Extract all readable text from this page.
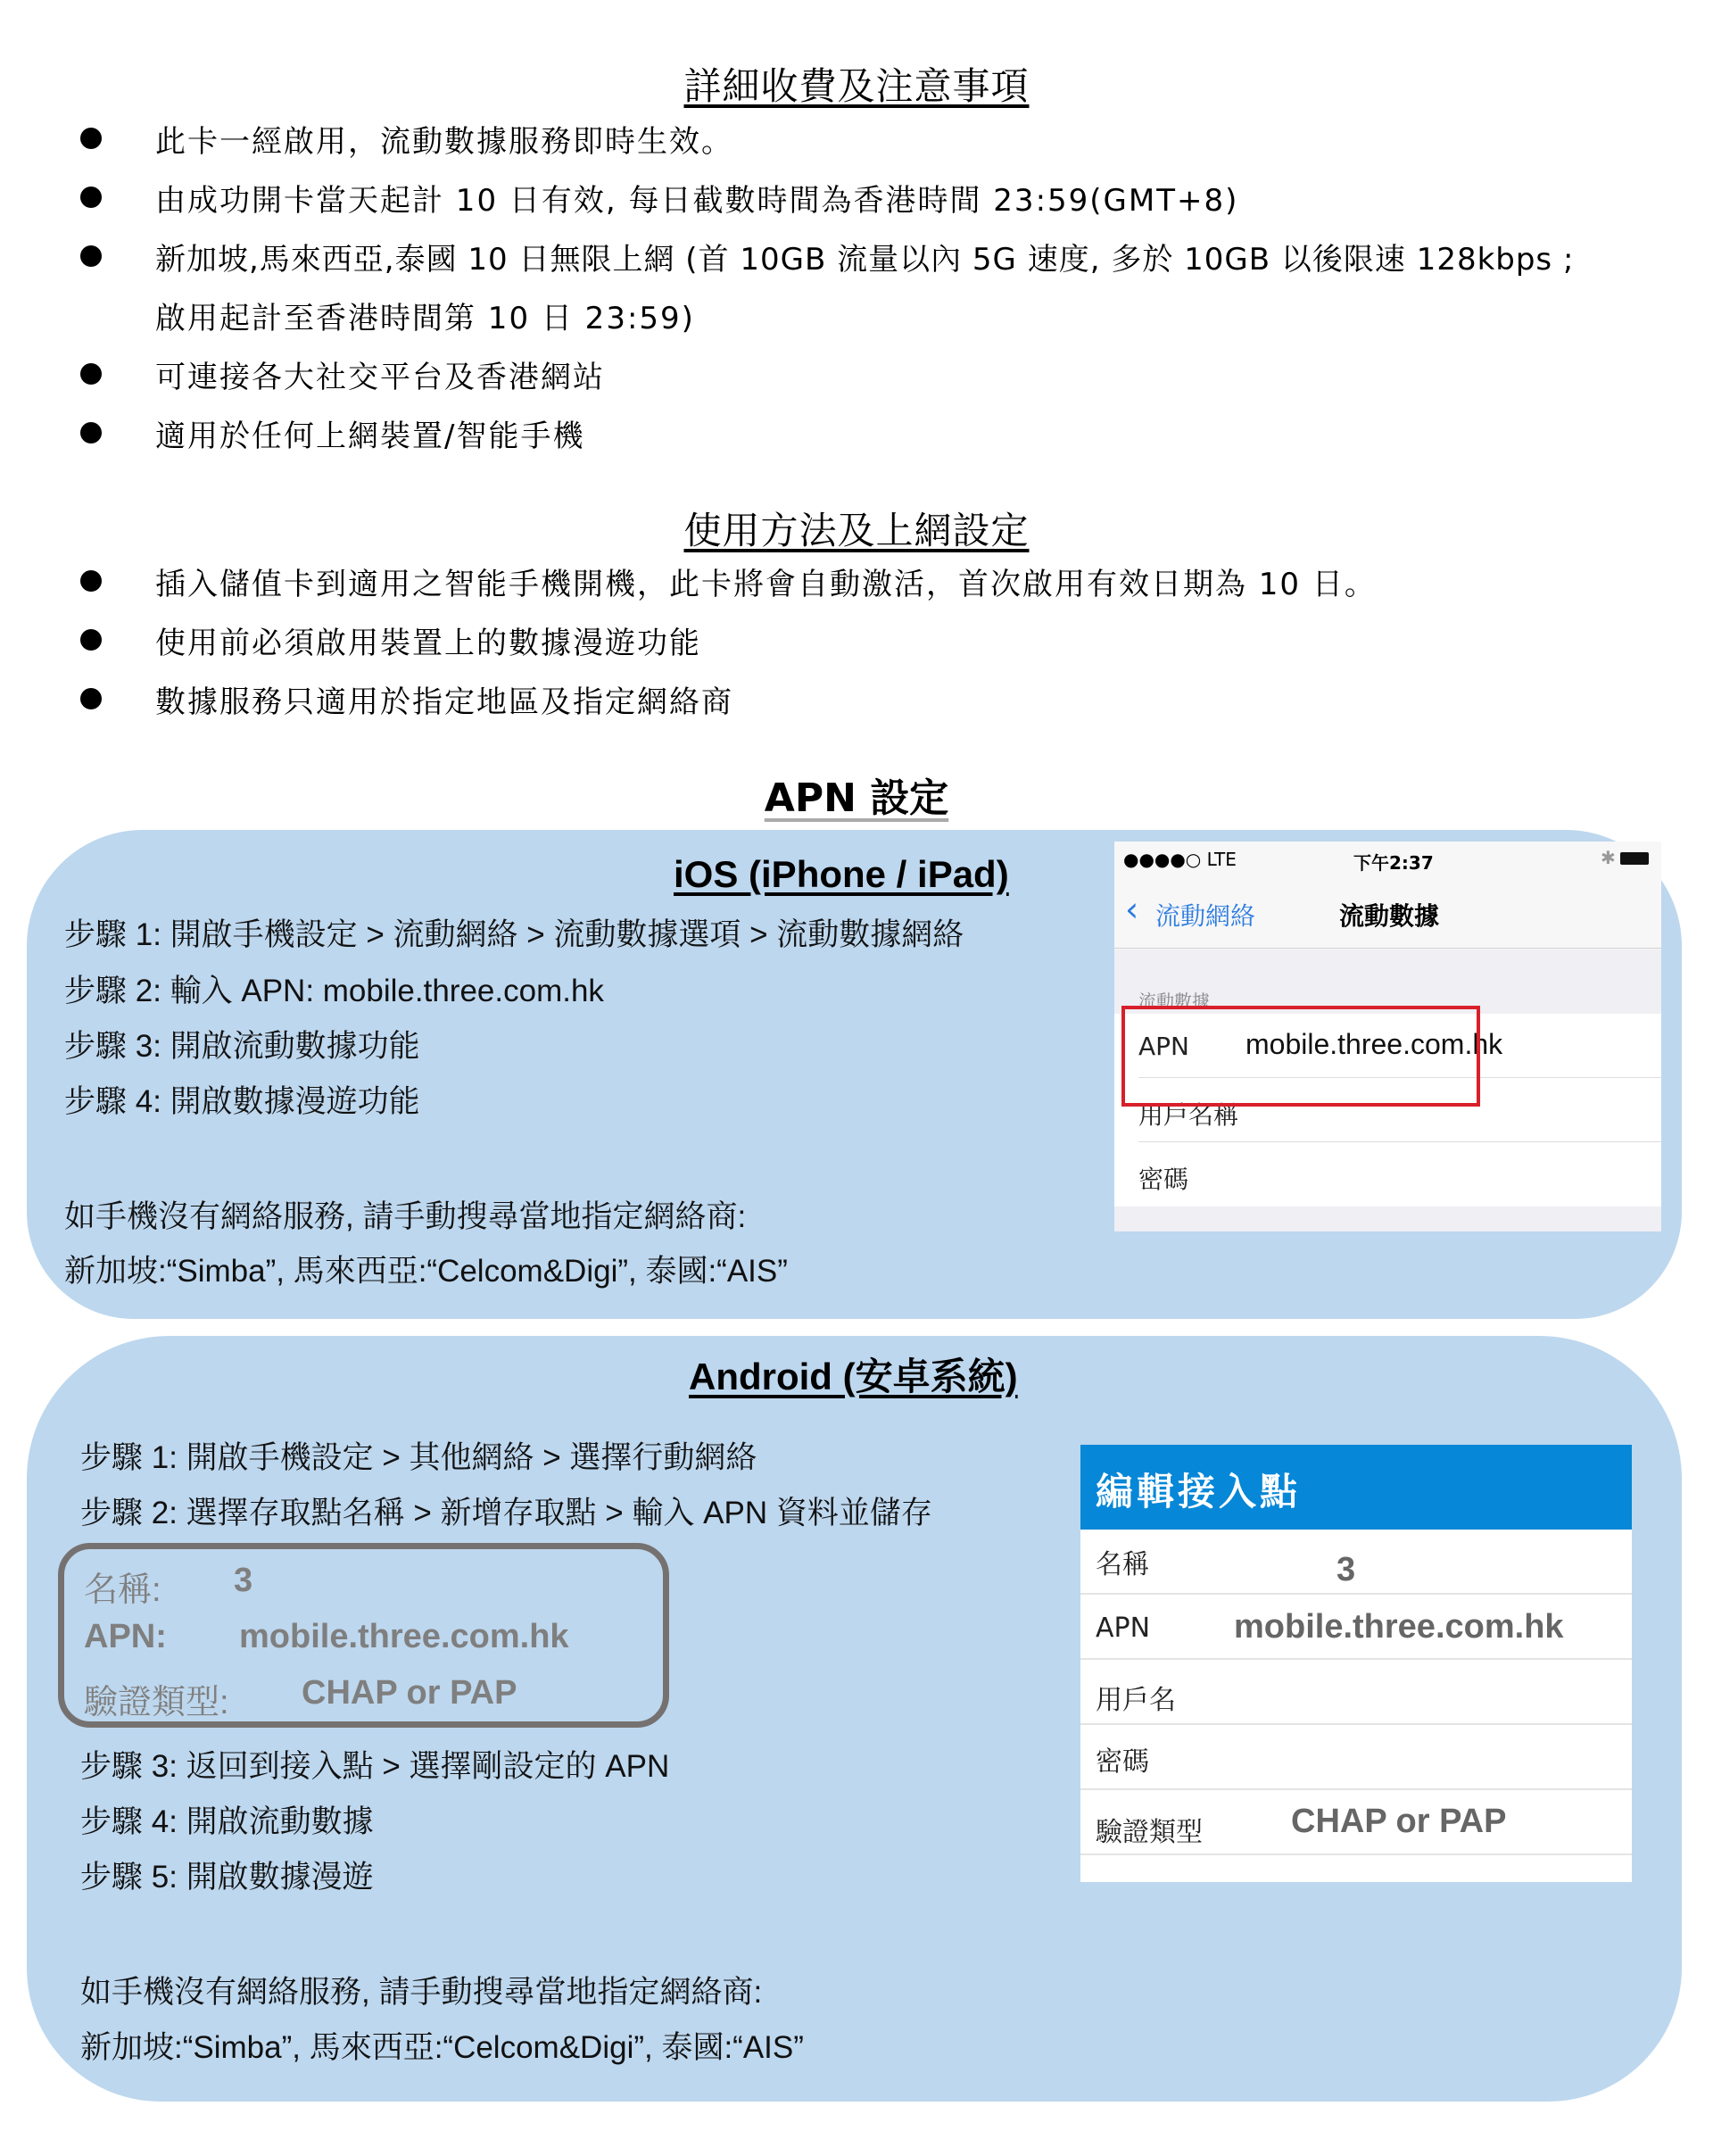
詳細收費及注意事項
此卡一經啟用，流動數據服務即時生效。
由成功開卡當天起計 10 日有效, 每日截數時間為香港時間 23:59(GMT+8)
新加坡,馬來西亞,泰國 10 日無限上網 (首 10GB 流量以內 5G 速度, 多於 10GB 以後限速 128kbps ;
啟用起計至香港時間第 10 日 23:59)
可連接各大社交平台及香港網站
適用於任何上網裝置/智能手機
使用方法及上網設定
插入儲值卡到適用之智能手機開機，此卡將會自動激活，首次啟用有效日期為 10 日。
使用前必須啟用裝置上的數據漫遊功能
數據服務只適用於指定地區及指定網絡商
APN 設定
iOS (iPhone / iPad)
步驟 1: 開啟手機設定 > 流動網絡 > 流動數據選項 > 流動數據網絡
步驟 2: 輸入 APN: mobile.three.com.hk
步驟 3: 開啟流動數據功能
步驟 4: 開啟數據漫遊功能
如手機沒有網絡服務, 請手動搜尋當地指定網絡商:
新加坡:“Simba”, 馬來西亞:“Celcom&Digi”, 泰國:“AIS”
●●●●○ LTE	下午2:37	✱
‹ 流動網絡	流動數據
流動數據
APN mobile.three.com.hk
用戶名稱
密碼
Android (安卓系統)
步驟 1: 開啟手機設定 > 其他網絡 > 選擇行動網絡
步驟 2: 選擇存取點名稱 > 新增存取點 > 輸入 APN 資料並儲存
名稱: 3
APN: mobile.three.com.hk
驗證類型: CHAP or PAP
步驟 3: 返回到接入點 > 選擇剛設定的 APN
步驟 4: 開啟流動數據
步驟 5: 開啟數據漫遊
如手機沒有網絡服務, 請手動搜尋當地指定網絡商:
新加坡:“Simba”, 馬來西亞:“Celcom&Digi”, 泰國:“AIS”
編輯接入點
名稱	3
APN mobile.three.com.hk
用戶名
密碼
驗證類型	CHAP or PAP
